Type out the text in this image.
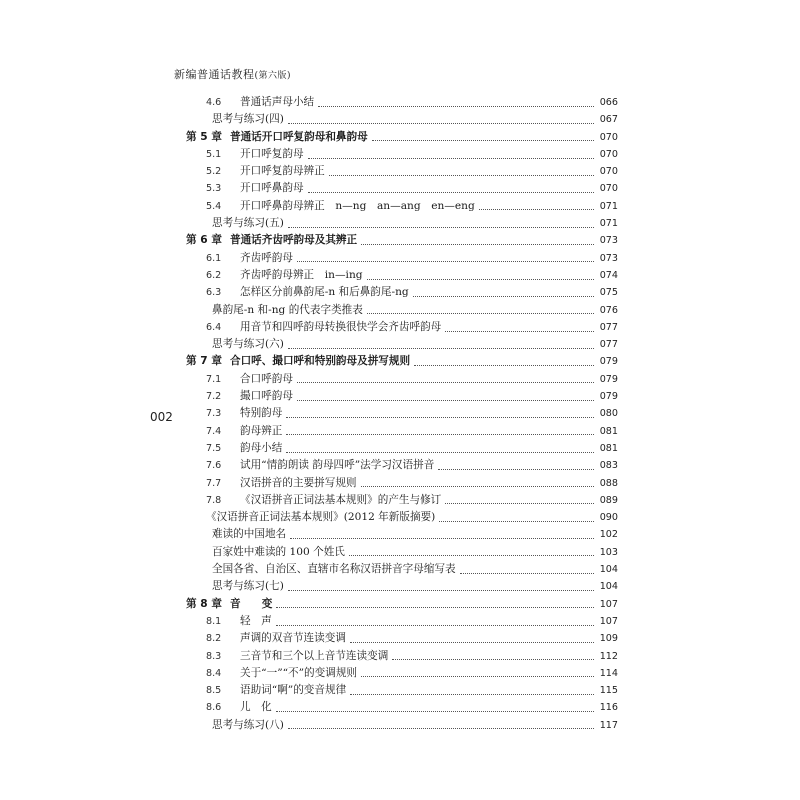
新编普通话教程(第六版)
002
4.6	普通话声母小结	066
思考与练习(四)	067
第 5 章 普通话开口呼复韵母和鼻韵母	070
5.1	开口呼复韵母	070
5.2	开口呼复韵母辨正	070
5.3	开口呼鼻韵母	070
5.4	开口呼鼻韵母辨正　n—ng　an—ang　en—eng	071
思考与练习(五)	071
第 6 章 普通话齐齿呼韵母及其辨正	073
6.1	齐齿呼韵母	073
6.2	齐齿呼韵母辨正　in—ing	074
6.3	怎样区分前鼻韵尾-n 和后鼻韵尾-ng	075
鼻韵尾-n 和-ng 的代表字类推表	076
6.4	用音节和四呼韵母转换很快学会齐齿呼韵母	077
思考与练习(六)	077
第 7 章 合口呼、撮口呼和特别韵母及拼写规则	079
7.1	合口呼韵母	079
7.2	撮口呼韵母	079
7.3	特别韵母	080
7.4	韵母辨正	081
7.5	韵母小结	081
7.6	试用“情韵朗读 韵母四呼”法学习汉语拼音	083
7.7	汉语拼音的主要拼写规则	088
7.8	《汉语拼音正词法基本规则》的产生与修订	089
《汉语拼音正词法基本规则》(2012 年新版摘要)	090
难读的中国地名	102
百家姓中难读的 100 个姓氏	103
全国各省、自治区、直辖市名称汉语拼音字母缩写表	104
思考与练习(七)	104
第 8 章 音　　变	107
8.1	轻　声	107
8.2	声调的双音节连读变调	109
8.3	三音节和三个以上音节连读变调	112
8.4	关于“一”“不”的变调规则	114
8.5	语助词“啊”的变音规律	115
8.6	儿　化	116
思考与练习(八)	117
